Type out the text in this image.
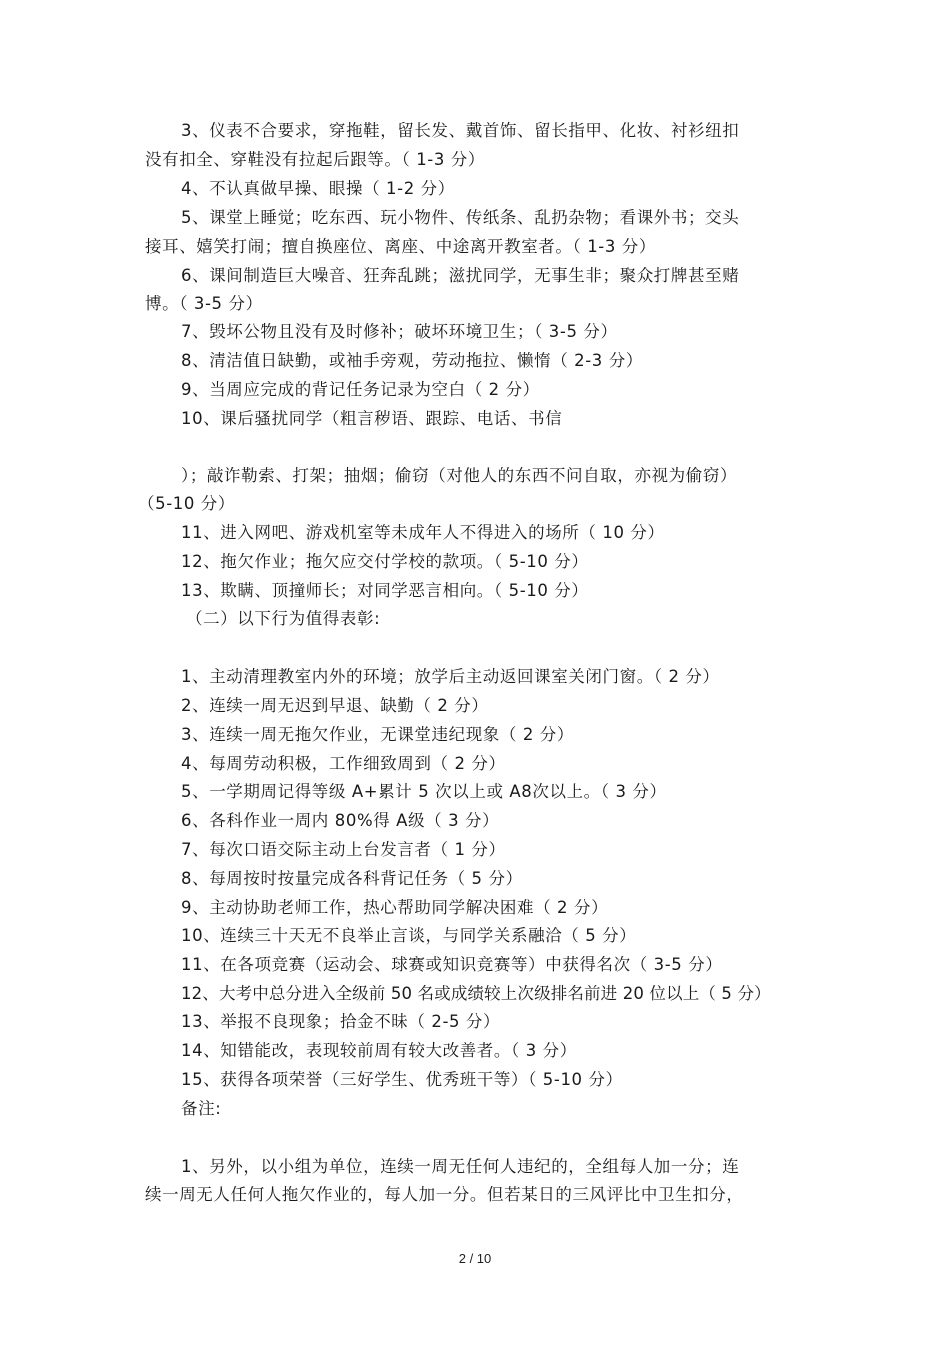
3、仪表不合要求，穿拖鞋，留长发、戴首饰、留长指甲、化妆、衬衫纽扣
没有扣全、穿鞋没有拉起后跟等。（ 1-3 分）
4、不认真做早操、眼操（ 1-2 分）
5、课堂上睡觉；吃东西、玩小物件、传纸条、乱扔杂物；看课外书；交头
接耳、嬉笑打闹；擅自换座位、离座、中途离开教室者。（ 1-3 分）
6、课间制造巨大噪音、狂奔乱跳；滋扰同学，无事生非；聚众打牌甚至赌
博。（ 3-5 分）
7、毁坏公物且没有及时修补；破坏环境卫生；（ 3-5 分）
8、清洁值日缺勤，或袖手旁观，劳动拖拉、懒惰（ 2-3 分）
9、当周应完成的背记任务记录为空白（ 2 分）
10、课后骚扰同学（粗言秽语、跟踪、电话、书信
）；敲诈勒索、打架；抽烟；偷窃（对他人的东西不问自取，亦视为偷窃）
（5-10 分）
11、进入网吧、游戏机室等未成年人不得进入的场所（ 10 分）
12、拖欠作业；拖欠应交付学校的款项。（ 5-10 分）
13、欺瞒、顶撞师长；对同学恶言相向。（ 5-10 分）
（二）以下行为值得表彰:
1、主动清理教室内外的环境；放学后主动返回课室关闭门窗。（ 2 分）
2、连续一周无迟到早退、缺勤（ 2 分）
3、连续一周无拖欠作业，无课堂违纪现象（ 2 分）
4、每周劳动积极，工作细致周到（ 2 分）
5、一学期周记得等级 A+累计 5 次以上或 A8次以上。（ 3 分）
6、各科作业一周内 80%得 A级（ 3 分）
7、每次口语交际主动上台发言者（ 1 分）
8、每周按时按量完成各科背记任务（ 5 分）
9、主动协助老师工作，热心帮助同学解决困难（ 2 分）
10、连续三十天无不良举止言谈，与同学关系融洽（ 5 分）
11、在各项竞赛（运动会、球赛或知识竞赛等）中获得名次（ 3-5 分）
12、大考中总分进入全级前 50 名或成绩较上次级排名前进 20 位以上（ 5 分）
13、举报不良现象；拾金不昧（ 2-5 分）
14、知错能改，表现较前周有较大改善者。（ 3 分）
15、获得各项荣誉（三好学生、优秀班干等）（ 5-10 分）
备注:
1、另外，以小组为单位，连续一周无任何人违纪的，全组每人加一分；连
续一周无人任何人拖欠作业的，每人加一分。但若某日的三风评比中卫生扣分，
2 / 10
